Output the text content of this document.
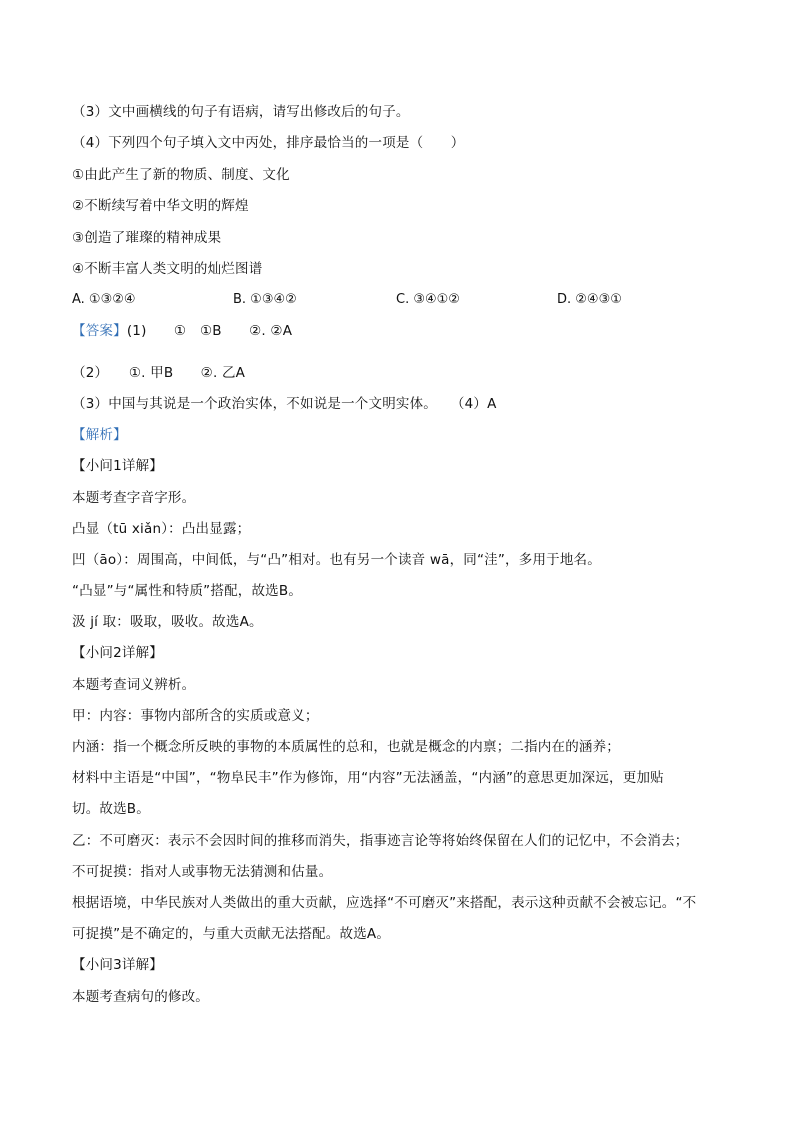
（3）文中画横线的句子有语病，请写出修改后的句子。
（4）下列四个句子填入文中丙处，排序最恰当的一项是（　　）
①由此产生了新的物质、制度、文化
②不断续写着中华文明的辉煌
③创造了璀璨的精神成果
④不断丰富人类文明的灿烂图谱
A. ①③②④	B. ①③④②	C. ③④①②	D. ②④③①
【答案】(1)　　①　①B　　②. ②A
（2）　　①. 甲B　　②. 乙A
（3）中国与其说是一个政治实体，不如说是一个文明实体。　　（4）A
【解析】
【小问1详解】
本题考查字音字形。
凸显（tū xiǎn）：凸出显露；
凹（āo）：周围高，中间低，与“凸”相对。也有另一个读音 wā，同“洼”，多用于地名。
“凸显”与“属性和特质”搭配，故选B。
汲 jí 取：吸取，吸收。故选A。
【小问2详解】
本题考查词义辨析。
甲：内容：事物内部所含的实质或意义；
内涵：指一个概念所反映的事物的本质属性的总和，也就是概念的内禀；二指内在的涵养；
材料中主语是“中国”，“物阜民丰”作为修饰，用“内容”无法涵盖，“内涵”的意思更加深远，更加贴
切。故选B。
乙：不可磨灭：表示不会因时间的推移而消失，指事迹言论等将始终保留在人们的记忆中，不会消去；
不可捉摸：指对人或事物无法猜测和估量。
根据语境，中华民族对人类做出的重大贡献，应选择“不可磨灭”来搭配，表示这种贡献不会被忘记。“不
可捉摸”是不确定的，与重大贡献无法搭配。故选A。
【小问3详解】
本题考查病句的修改。
